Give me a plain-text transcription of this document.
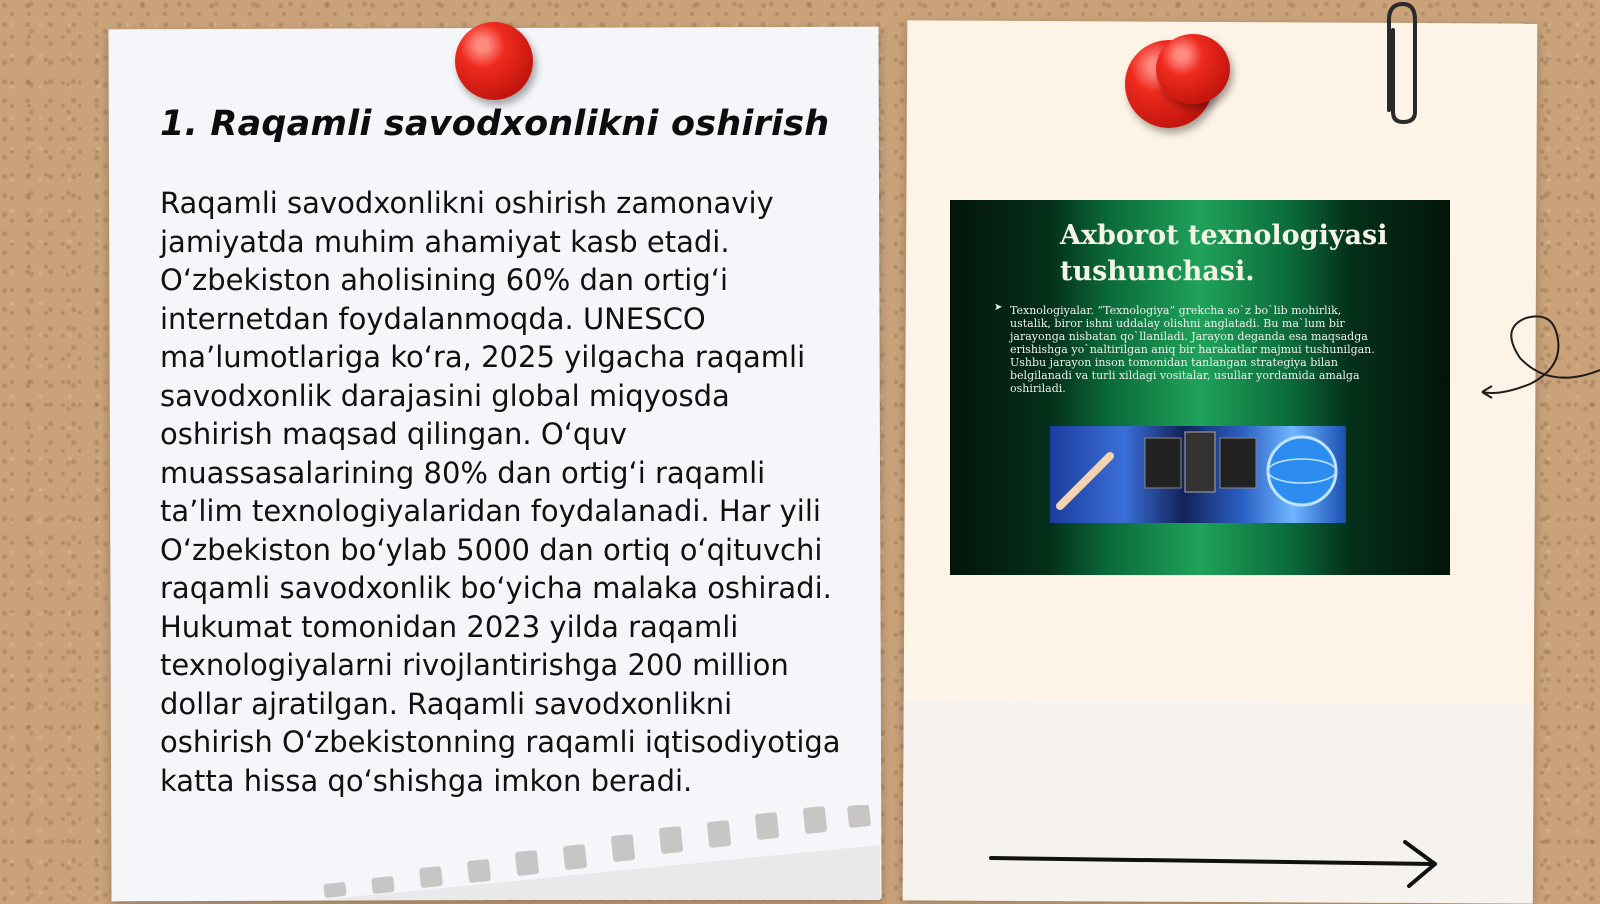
1. Raqamli savodxonlikni oshirish

Raqamli savodxonlikni oshirish zamonaviy jamiyatda muhim ahamiyat kasb etadi. O‘zbekiston aholisining 60% dan ortig‘i internetdan foydalanmoqda. UNESCO ma’lumotlariga ko‘ra, 2025 yilgacha raqamli savodxonlik darajasini global miqyosda oshirish maqsad qilingan. O‘quv muassasalarining 80% dan ortig‘i raqamli ta’lim texnologiyalaridan foydalanadi. Har yili O‘zbekiston bo‘ylab 5000 dan ortiq o‘qituvchi raqamli savodxonlik bo‘yicha malaka oshiradi. Hukumat tomonidan 2023 yilda raqamli texnologiyalarni rivojlantirishga 200 million dollar ajratilgan. Raqamli savodxonlikni oshirish O‘zbekistonning raqamli iqtisodiyotiga katta hissa qo‘shishga imkon beradi.

Axborot texnologiyasi tushunchasi.
➤ Texnologiyalar. “Texnologiya” grekcha so`z bo`lib mohirlik, ustalik, biror ishni uddalay olishni anglatadi. Bu ma`lum bir jarayonga nisbatan qo`llaniladi. Jarayon deganda esa maqsadga erishishga yo`naltirilgan aniq bir harakatlar majmui tushunilgan. Ushbu jarayon inson tomonidan tanlangan strategiya bilan belgilanadi va turli xildagi vositalar, usullar yordamida amalga oshiriladi.
